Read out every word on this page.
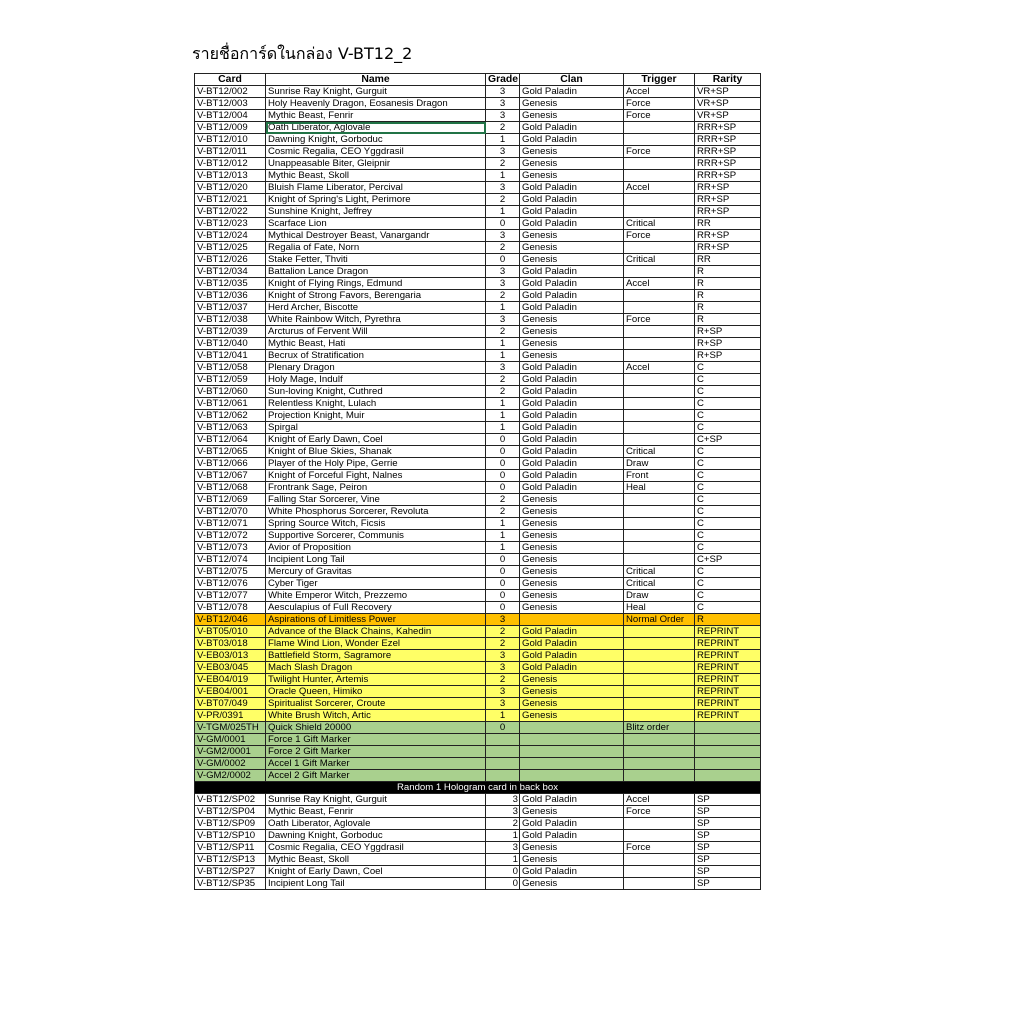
รายชื่อการ์ดในกล่อง V-BT12_2
Card	Name	Grade	Clan	Trigger	Rarity
V-BT12/002	Sunrise Ray Knight, Gurguit	3	Gold Paladin	Accel	VR+SP
V-BT12/003	Holy Heavenly Dragon, Eosanesis Dragon	3	Genesis	Force	VR+SP
V-BT12/004	Mythic Beast, Fenrir	3	Genesis	Force	VR+SP
V-BT12/009	Oath Liberator, Aglovale	2	Gold Paladin		RRR+SP
V-BT12/010	Dawning Knight, Gorboduc	1	Gold Paladin		RRR+SP
V-BT12/011	Cosmic Regalia, CEO Yggdrasil	3	Genesis	Force	RRR+SP
V-BT12/012	Unappeasable Biter, Gleipnir	2	Genesis		RRR+SP
V-BT12/013	Mythic Beast, Skoll	1	Genesis		RRR+SP
V-BT12/020	Bluish Flame Liberator, Percival	3	Gold Paladin	Accel	RR+SP
V-BT12/021	Knight of Spring's Light, Perimore	2	Gold Paladin		RR+SP
V-BT12/022	Sunshine Knight, Jeffrey	1	Gold Paladin		RR+SP
V-BT12/023	Scarface Lion	0	Gold Paladin	Critical	RR
V-BT12/024	Mythical Destroyer Beast, Vanargandr	3	Genesis	Force	RR+SP
V-BT12/025	Regalia of Fate, Norn	2	Genesis		RR+SP
V-BT12/026	Stake Fetter, Thviti	0	Genesis	Critical	RR
V-BT12/034	Battalion Lance Dragon	3	Gold Paladin		R
V-BT12/035	Knight of Flying Rings, Edmund	3	Gold Paladin	Accel	R
V-BT12/036	Knight of Strong Favors, Berengaria	2	Gold Paladin		R
V-BT12/037	Herd Archer, Biscotte	1	Gold Paladin		R
V-BT12/038	White Rainbow Witch, Pyrethra	3	Genesis	Force	R
V-BT12/039	Arcturus of Fervent Will	2	Genesis		R+SP
V-BT12/040	Mythic Beast, Hati	1	Genesis		R+SP
V-BT12/041	Becrux of Stratification	1	Genesis		R+SP
V-BT12/058	Plenary Dragon	3	Gold Paladin	Accel	C
V-BT12/059	Holy Mage, Indulf	2	Gold Paladin		C
V-BT12/060	Sun-loving Knight, Cuthred	2	Gold Paladin		C
V-BT12/061	Relentless Knight, Lulach	1	Gold Paladin		C
V-BT12/062	Projection Knight, Muir	1	Gold Paladin		C
V-BT12/063	Spirgal	1	Gold Paladin		C
V-BT12/064	Knight of Early Dawn, Coel	0	Gold Paladin		C+SP
V-BT12/065	Knight of Blue Skies, Shanak	0	Gold Paladin	Critical	C
V-BT12/066	Player of the Holy Pipe, Gerrie	0	Gold Paladin	Draw	C
V-BT12/067	Knight of Forceful Fight, Nalnes	0	Gold Paladin	Front	C
V-BT12/068	Frontrank Sage, Peiron	0	Gold Paladin	Heal	C
V-BT12/069	Falling Star Sorcerer, Vine	2	Genesis		C
V-BT12/070	White Phosphorus Sorcerer, Revoluta	2	Genesis		C
V-BT12/071	Spring Source Witch, Ficsis	1	Genesis		C
V-BT12/072	Supportive Sorcerer, Communis	1	Genesis		C
V-BT12/073	Avior of Proposition	1	Genesis		C
V-BT12/074	Incipient Long Tail	0	Genesis		C+SP
V-BT12/075	Mercury of Gravitas	0	Genesis	Critical	C
V-BT12/076	Cyber Tiger	0	Genesis	Critical	C
V-BT12/077	White Emperor Witch, Prezzemo	0	Genesis	Draw	C
V-BT12/078	Aesculapius of Full Recovery	0	Genesis	Heal	C
V-BT12/046	Aspirations of Limitless Power	3		Normal Order	R
V-BT05/010	Advance of the Black Chains, Kahedin	2	Gold Paladin		REPRINT
V-BT03/018	Flame Wind Lion, Wonder Ezel	2	Gold Paladin		REPRINT
V-EB03/013	Battlefield Storm, Sagramore	3	Gold Paladin		REPRINT
V-EB03/045	Mach Slash Dragon	3	Gold Paladin		REPRINT
V-EB04/019	Twilight Hunter, Artemis	2	Genesis		REPRINT
V-EB04/001	Oracle Queen, Himiko	3	Genesis		REPRINT
V-BT07/049	Spiritualist Sorcerer, Croute	3	Genesis		REPRINT
V-PR/0391	White Brush Witch, Artic	1	Genesis		REPRINT
V-TGM/025TH	Quick Shield 20000	0		Blitz order	
V-GM/0001	Force 1 Gift Marker				
V-GM2/0001	Force 2 Gift Marker				
V-GM/0002	Accel 1 Gift Marker				
V-GM2/0002	Accel 2 Gift Marker				
Random 1 Hologram card in back box					
V-BT12/SP02	Sunrise Ray Knight, Gurguit	3	Gold Paladin	Accel	SP
V-BT12/SP04	Mythic Beast, Fenrir	3	Genesis	Force	SP
V-BT12/SP09	Oath Liberator, Aglovale	2	Gold Paladin		SP
V-BT12/SP10	Dawning Knight, Gorboduc	1	Gold Paladin		SP
V-BT12/SP11	Cosmic Regalia, CEO Yggdrasil	3	Genesis	Force	SP
V-BT12/SP13	Mythic Beast, Skoll	1	Genesis		SP
V-BT12/SP27	Knight of Early Dawn, Coel	0	Gold Paladin		SP
V-BT12/SP35	Incipient Long Tail	0	Genesis		SP
